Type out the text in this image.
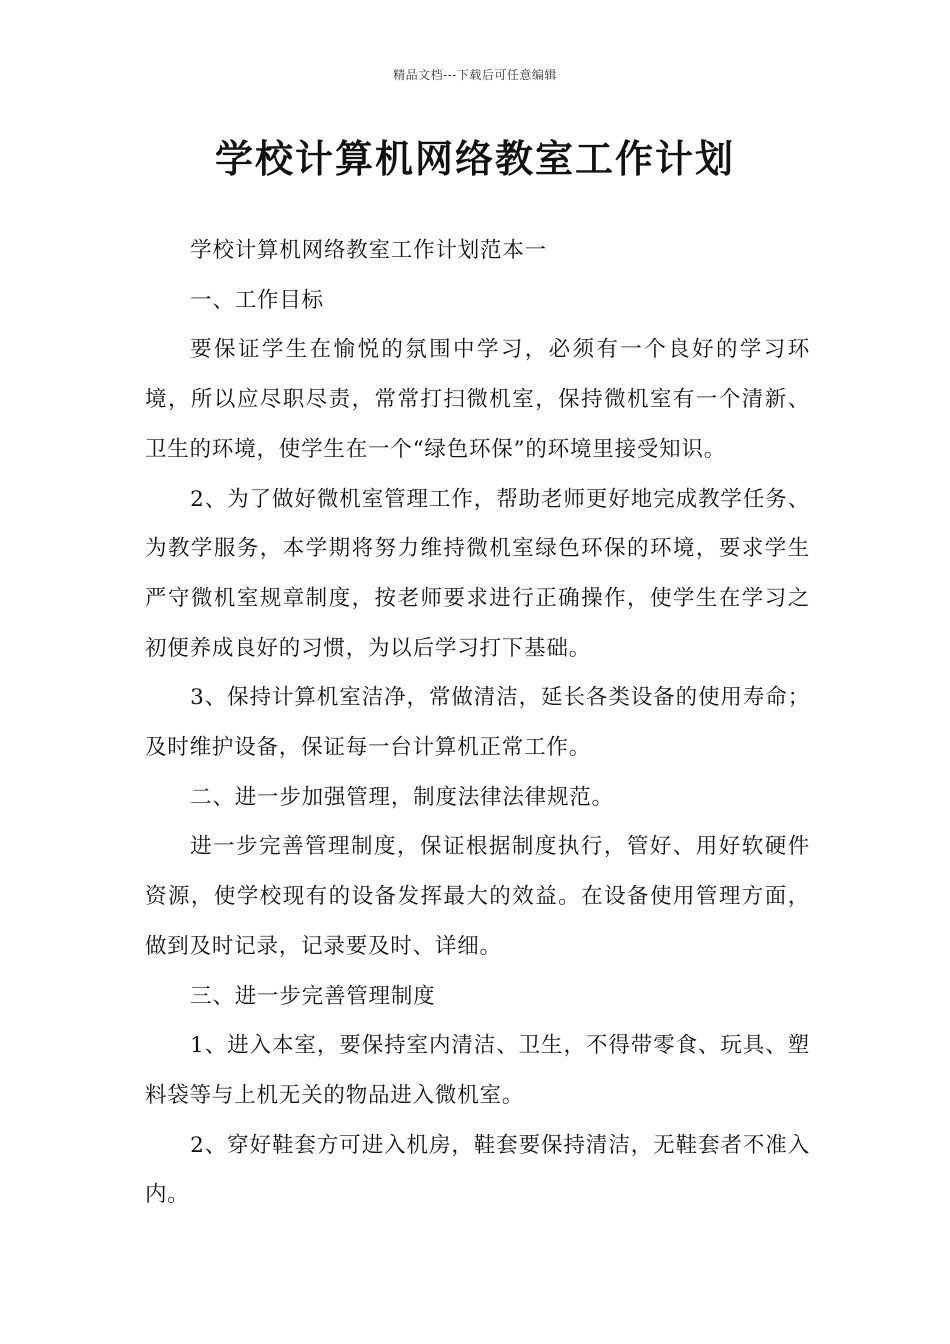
精品文档---下载后可任意编辑
学校计算机网络教室工作计划

学校计算机网络教室工作计划范本一

一、工作目标

要保证学生在愉悦的氛围中学习，必须有一个良好的学习环境，所以应尽职尽责，常常打扫微机室，保持微机室有一个清新、卫生的环境，使学生在一个“绿色环保”的环境里接受知识。

2、为了做好微机室管理工作，帮助老师更好地完成教学任务、为教学服务，本学期将努力维持微机室绿色环保的环境，要求学生严守微机室规章制度，按老师要求进行正确操作，使学生在学习之初便养成良好的习惯，为以后学习打下基础。

3、保持计算机室洁净，常做清洁，延长各类设备的使用寿命；及时维护设备，保证每一台计算机正常工作。

二、进一步加强管理，制度法律法律规范。

进一步完善管理制度，保证根据制度执行，管好、用好软硬件资源，使学校现有的设备发挥最大的效益。在设备使用管理方面，做到及时记录，记录要及时、详细。

三、进一步完善管理制度

1、进入本室，要保持室内清洁、卫生，不得带零食、玩具、塑料袋等与上机无关的物品进入微机室。

2、穿好鞋套方可进入机房，鞋套要保持清洁，无鞋套者不准入内。
